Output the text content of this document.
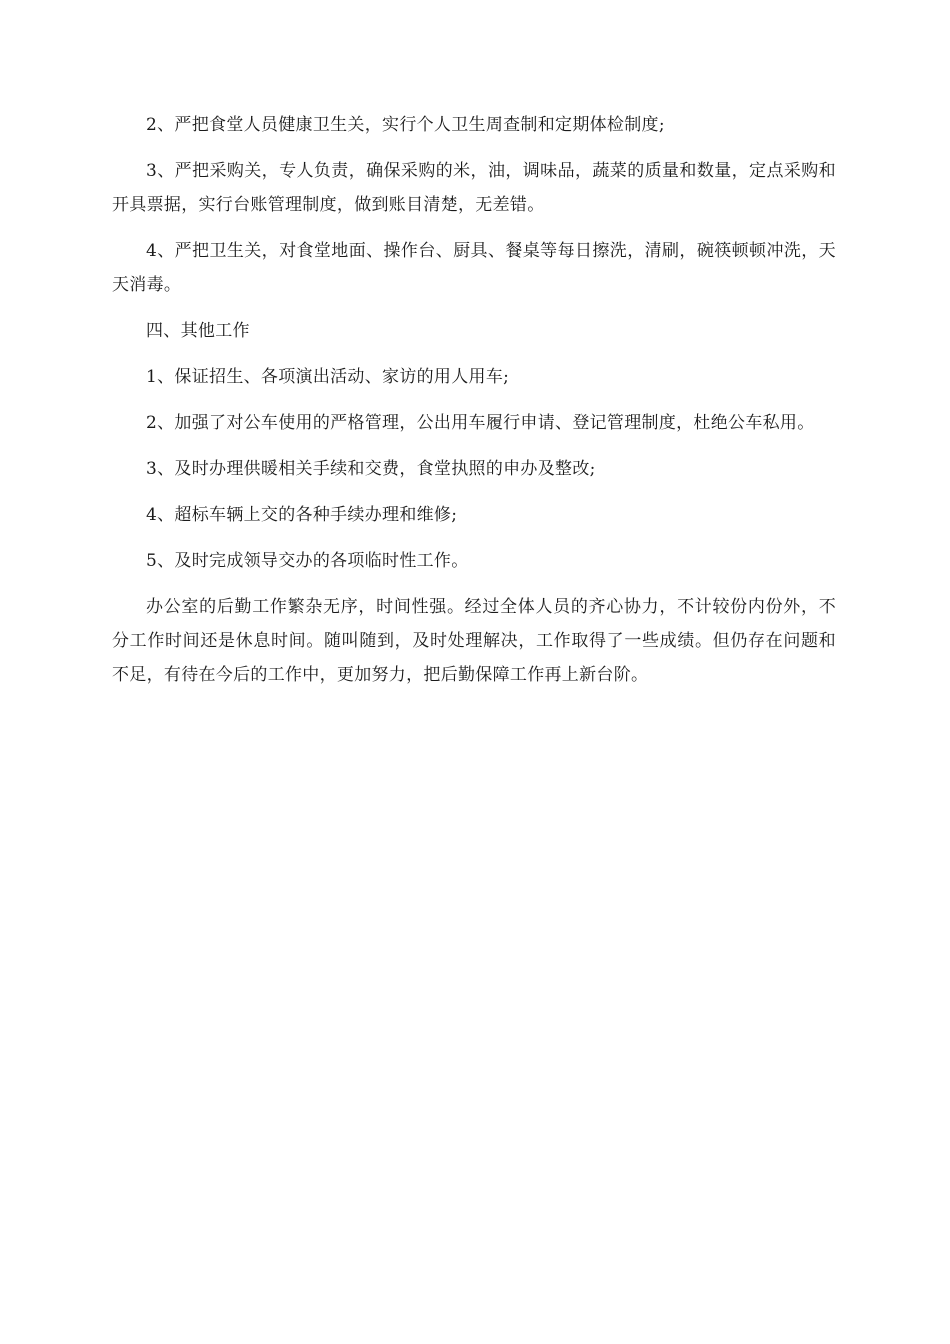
2、严把食堂人员健康卫生关，实行个人卫生周查制和定期体检制度;

3、严把采购关，专人负责，确保采购的米，油，调味品，蔬菜的质量和数量，定点采购和开具票据，实行台账管理制度，做到账目清楚，无差错。

4、严把卫生关，对食堂地面、操作台、厨具、餐桌等每日擦洗，清刷，碗筷顿顿冲洗，天天消毒。

四、其他工作

1、保证招生、各项演出活动、家访的用人用车;

2、加强了对公车使用的严格管理，公出用车履行申请、登记管理制度，杜绝公车私用。

3、及时办理供暖相关手续和交费，食堂执照的申办及整改;

4、超标车辆上交的各种手续办理和维修;

5、及时完成领导交办的各项临时性工作。

办公室的后勤工作繁杂无序，时间性强。经过全体人员的齐心协力，不计较份内份外，不分工作时间还是休息时间。随叫随到，及时处理解决，工作取得了一些成绩。但仍存在问题和不足，有待在今后的工作中，更加努力，把后勤保障工作再上新台阶。
